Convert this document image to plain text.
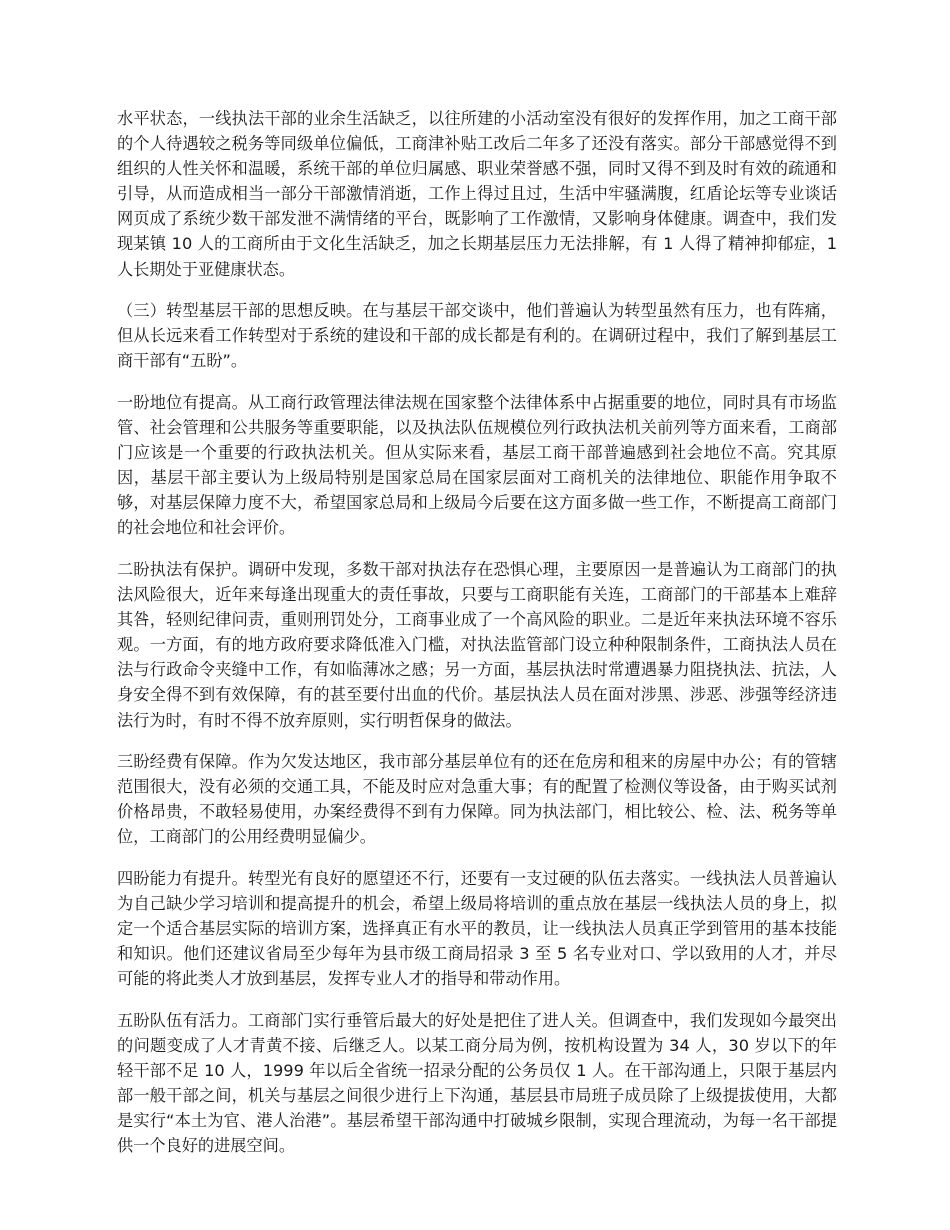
水平状态，一线执法干部的业余生活缺乏，以往所建的小活动室没有很好的发挥作用，加之工商干部的个人待遇较之税务等同级单位偏低，工商津补贴工改后二年多了还没有落实。部分干部感觉得不到组织的人性关怀和温暖，系统干部的单位归属感、职业荣誉感不强，同时又得不到及时有效的疏通和引导，从而造成相当一部分干部激情消逝，工作上得过且过，生活中牢骚满腹，红盾论坛等专业谈话网页成了系统少数干部发泄不满情绪的平台，既影响了工作激情，又影响身体健康。调查中，我们发现某镇 10 人的工商所由于文化生活缺乏，加之长期基层压力无法排解，有 1 人得了精神抑郁症，1 人长期处于亚健康状态。

（三）转型基层干部的思想反映。在与基层干部交谈中，他们普遍认为转型虽然有压力，也有阵痛，但从长远来看工作转型对于系统的建设和干部的成长都是有利的。在调研过程中，我们了解到基层工商干部有“五盼”。

一盼地位有提高。从工商行政管理法律法规在国家整个法律体系中占据重要的地位，同时具有市场监管、社会管理和公共服务等重要职能，以及执法队伍规模位列行政执法机关前列等方面来看，工商部门应该是一个重要的行政执法机关。但从实际来看，基层工商干部普遍感到社会地位不高。究其原因，基层干部主要认为上级局特别是国家总局在国家层面对工商机关的法律地位、职能作用争取不够，对基层保障力度不大，希望国家总局和上级局今后要在这方面多做一些工作，不断提高工商部门的社会地位和社会评价。

二盼执法有保护。调研中发现，多数干部对执法存在恐惧心理，主要原因一是普遍认为工商部门的执法风险很大，近年来每逢出现重大的责任事故，只要与工商职能有关连，工商部门的干部基本上难辞其咎，轻则纪律问责，重则刑罚处分，工商事业成了一个高风险的职业。二是近年来执法环境不容乐观。一方面，有的地方政府要求降低准入门槛，对执法监管部门设立种种限制条件，工商执法人员在法与行政命令夹缝中工作，有如临薄冰之感；另一方面，基层执法时常遭遇暴力阻挠执法、抗法，人身安全得不到有效保障，有的甚至要付出血的代价。基层执法人员在面对涉黑、涉恶、涉强等经济违法行为时，有时不得不放弃原则，实行明哲保身的做法。

三盼经费有保障。作为欠发达地区，我市部分基层单位有的还在危房和租来的房屋中办公；有的管辖范围很大，没有必须的交通工具，不能及时应对急重大事；有的配置了检测仪等设备，由于购买试剂价格昂贵，不敢轻易使用，办案经费得不到有力保障。同为执法部门，相比较公、检、法、税务等单位，工商部门的公用经费明显偏少。

四盼能力有提升。转型光有良好的愿望还不行，还要有一支过硬的队伍去落实。一线执法人员普遍认为自己缺少学习培训和提高提升的机会，希望上级局将培训的重点放在基层一线执法人员的身上，拟定一个适合基层实际的培训方案，选择真正有水平的教员，让一线执法人员真正学到管用的基本技能和知识。他们还建议省局至少每年为县市级工商局招录 3 至 5 名专业对口、学以致用的人才，并尽可能的将此类人才放到基层，发挥专业人才的指导和带动作用。

五盼队伍有活力。工商部门实行垂管后最大的好处是把住了进人关。但调查中，我们发现如今最突出的问题变成了人才青黄不接、后继乏人。以某工商分局为例，按机构设置为 34 人，30 岁以下的年轻干部不足 10 人，1999 年以后全省统一招录分配的公务员仅 1 人。在干部沟通上，只限于基层内部一般干部之间，机关与基层之间很少进行上下沟通，基层县市局班子成员除了上级提拔使用，大都是实行“本土为官、港人治港”。基层希望干部沟通中打破城乡限制，实现合理流动，为每一名干部提供一个良好的进展空间。
